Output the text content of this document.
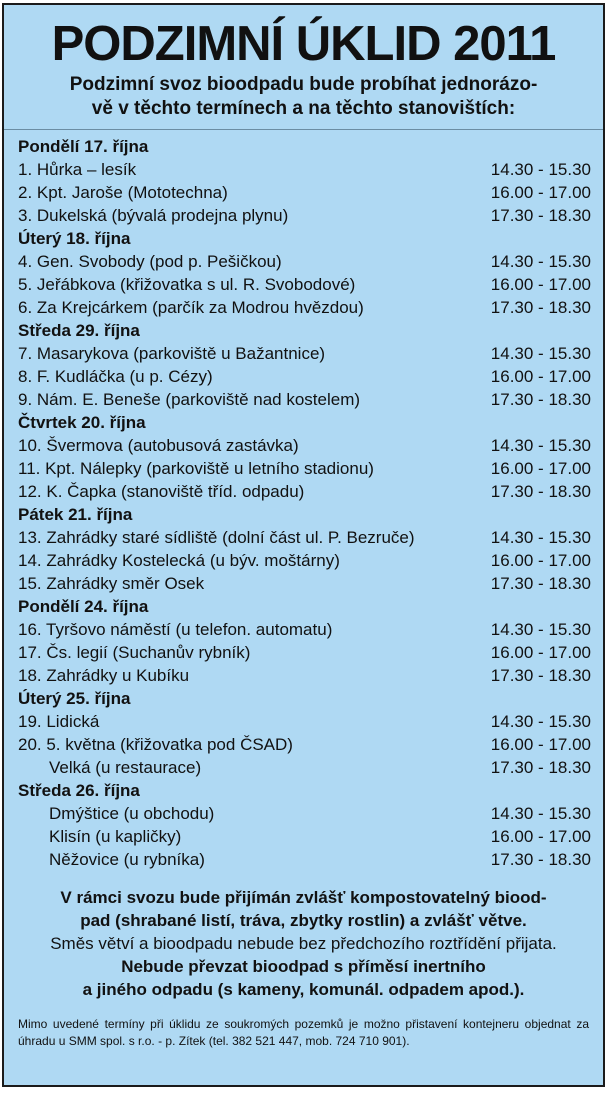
PODZIMNÍ ÚKLID 2011
Podzimní svoz bioodpadu bude probíhat jednorázo-
vě v těchto termínech a na těchto stanovištích:
Pondělí 17. října
1. Hůrka – lesík	14.30 - 15.30
2. Kpt. Jaroše (Mototechna)	16.00 - 17.00
3. Dukelská (bývalá prodejna plynu)	17.30 - 18.30
Úterý 18. října
4. Gen. Svobody (pod p. Pešičkou)	14.30 - 15.30
5. Jeřábkova (křižovatka s ul. R. Svobodové)	16.00 - 17.00
6. Za Krejcárkem (parčík za Modrou hvězdou)	17.30 - 18.30
Středa 29. října
7. Masarykova (parkoviště u Bažantnice)	14.30 - 15.30
8. F. Kudláčka (u p. Cézy)	16.00 - 17.00
9. Nám. E. Beneše (parkoviště nad kostelem)	17.30 - 18.30
Čtvrtek 20. října
10. Švermova (autobusová zastávka)	14.30 - 15.30
11. Kpt. Nálepky (parkoviště u letního stadionu)	16.00 - 17.00
12. K. Čapka (stanoviště tříd. odpadu)	17.30 - 18.30
Pátek 21. října
13. Zahrádky staré sídliště (dolní část ul. P. Bezruče)	14.30 - 15.30
14. Zahrádky Kostelecká (u býv. moštárny)	16.00 - 17.00
15. Zahrádky směr Osek	17.30 - 18.30
Pondělí 24. října
16. Tyršovo náměstí (u telefon. automatu)	14.30 - 15.30
17. Čs. legií (Suchanův rybník)	16.00 - 17.00
18. Zahrádky u Kubíku	17.30 - 18.30
Úterý 25. října
19. Lidická	14.30 - 15.30
20. 5. května (křižovatka pod ČSAD)	16.00 - 17.00
Velká (u restaurace)	17.30 - 18.30
Středa 26. října
Dmýštice (u obchodu)	14.30 - 15.30
Klisín (u kapličky)	16.00 - 17.00
Něžovice (u rybníka)	17.30 - 18.30
V rámci svozu bude přijímán zvlášť kompostovatelný biood-
pad (shrabané listí, tráva, zbytky rostlin) a zvlášť větve.
Směs větví a bioodpadu nebude bez předchozího roztřídění přijata.
Nebude převzat bioodpad s příměsí inertního
a jiného odpadu (s kameny, komunál. odpadem apod.).
Mimo uvedené termíny při úklidu ze soukromých pozemků je možno přistavení kontejneru objednat za úhradu u SMM spol. s r.o. - p. Zítek (tel. 382 521 447, mob. 724 710 901).
